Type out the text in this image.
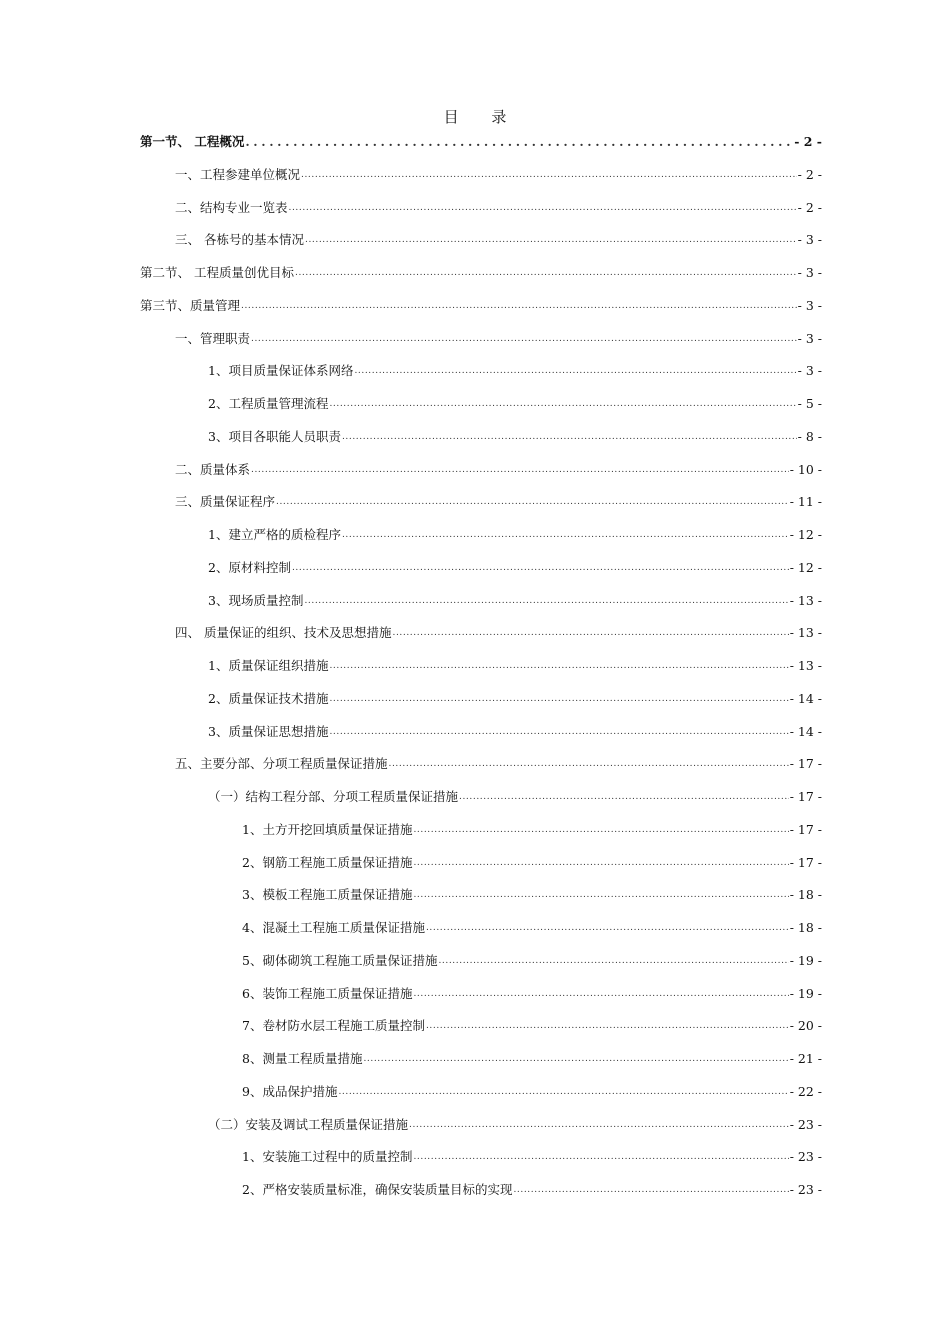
目 录
第一节、 工程概况 .....	- 2 -
一、工程参建单位概况 .....	- 2 -
二、结构专业一览表 .....	- 2 -
三、 各栋号的基本情况 .....	- 3 -
第二节、 工程质量创优目标 .....	- 3 -
第三节、质量管理 .....	- 3 -
一、管理职责 .....	- 3 -
1、项目质量保证体系网络 .....	- 3 -
2、工程质量管理流程 .....	- 5 -
3、项目各职能人员职责 .....	- 8 -
二、质量体系 .....	- 10 -
三、质量保证程序 .....	- 11 -
1、建立严格的质检程序 .....	- 12 -
2、原材料控制 .....	- 12 -
3、现场质量控制 .....	- 13 -
四、 质量保证的组织、技术及思想措施 .....	- 13 -
1、质量保证组织措施 .....	- 13 -
2、质量保证技术措施 .....	- 14 -
3、质量保证思想措施 .....	- 14 -
五、主要分部、分项工程质量保证措施 .....	- 17 -
（一）结构工程分部、分项工程质量保证措施 .....	- 17 -
1、土方开挖回填质量保证措施 .....	- 17 -
2、钢筋工程施工质量保证措施 .....	- 17 -
3、模板工程施工质量保证措施 .....	- 18 -
4、混凝土工程施工质量保证措施 .....	- 18 -
5、砌体砌筑工程施工质量保证措施 .....	- 19 -
6、装饰工程施工质量保证措施 .....	- 19 -
7、卷材防水层工程施工质量控制 .....	- 20 -
8、测量工程质量措施 .....	- 21 -
9、成品保护措施 .....	- 22 -
（二）安装及调试工程质量保证措施 .....	- 23 -
1、安装施工过程中的质量控制 .....	- 23 -
2、严格安装质量标准，确保安装质量目标的实现 .....	- 23 -
